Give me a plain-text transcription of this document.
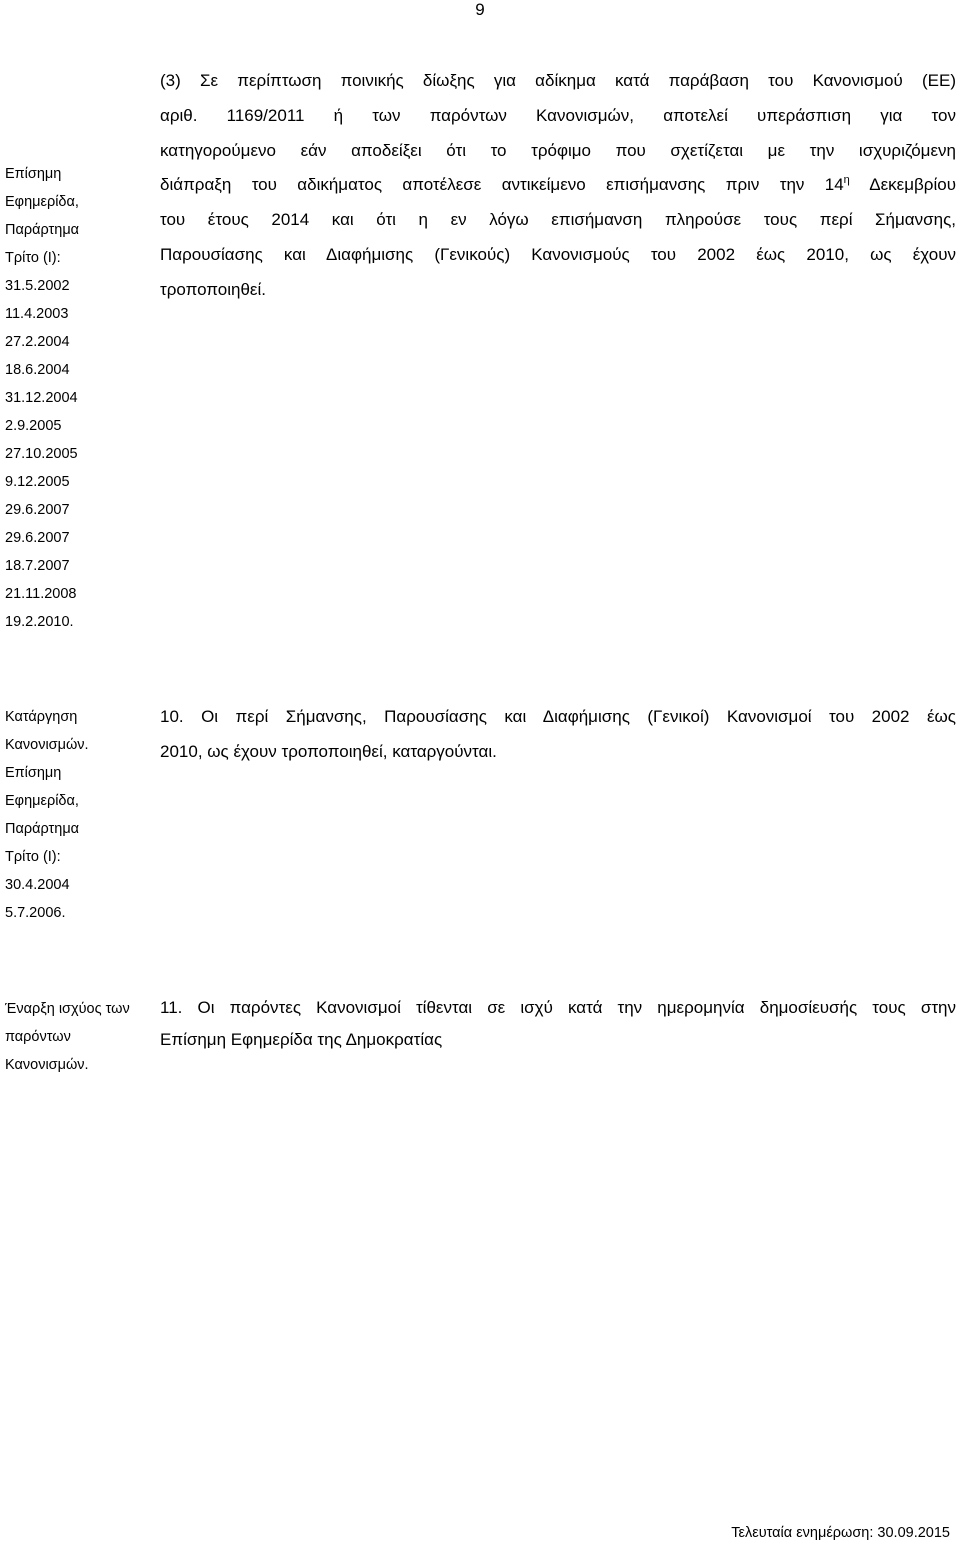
9
Επίσημη
Εφημερίδα,
Παράρτημα
Τρίτο (Ι):
31.5.2002
11.4.2003
27.2.2004
18.6.2004
31.12.2004
2.9.2005
27.10.2005
9.12.2005
29.6.2007
29.6.2007
18.7.2007
21.11.2008
19.2.2010.
(3) Σε περίπτωση ποινικής δίωξης για αδίκημα κατά παράβαση του Κανονισμού (ΕΕ)
αριθ. 1169/2011 ή των παρόντων Κανονισμών, αποτελεί υπεράσπιση για τον
κατηγορούμενο εάν αποδείξει ότι το τρόφιμο που σχετίζεται με την ισχυριζόμενη
διάπραξη του αδικήματος αποτέλεσε αντικείμενο επισήμανσης πριν την $14^\eta$ Δεκεμβρίου
του έτους 2014 και ότι η εν λόγω επισήμανση πληρούσε τους περί Σήμανσης,
Παρουσίασης και Διαφήμισης (Γενικούς) Κανονισμούς του 2002 έως 2010, ως έχουν
τροποποιηθεί.
Κατάργηση
Κανονισμών.
Επίσημη
Εφημερίδα,
Παράρτημα
Τρίτο (Ι):
30.4.2004
5.7.2006.
10. Οι περί Σήμανσης, Παρουσίασης και Διαφήμισης (Γενικοί) Κανονισμοί του 2002 έως
2010, ως έχουν τροποποιηθεί, καταργούνται.
Έναρξη ισχύος των
παρόντων
Κανονισμών.
11. Οι παρόντες Κανονισμοί τίθενται σε ισχύ κατά την ημερομηνία δημοσίευσής τους στην
Επίσημη Εφημερίδα της Δημοκρατίας
Τελευταία ενημέρωση: 30.09.2015
